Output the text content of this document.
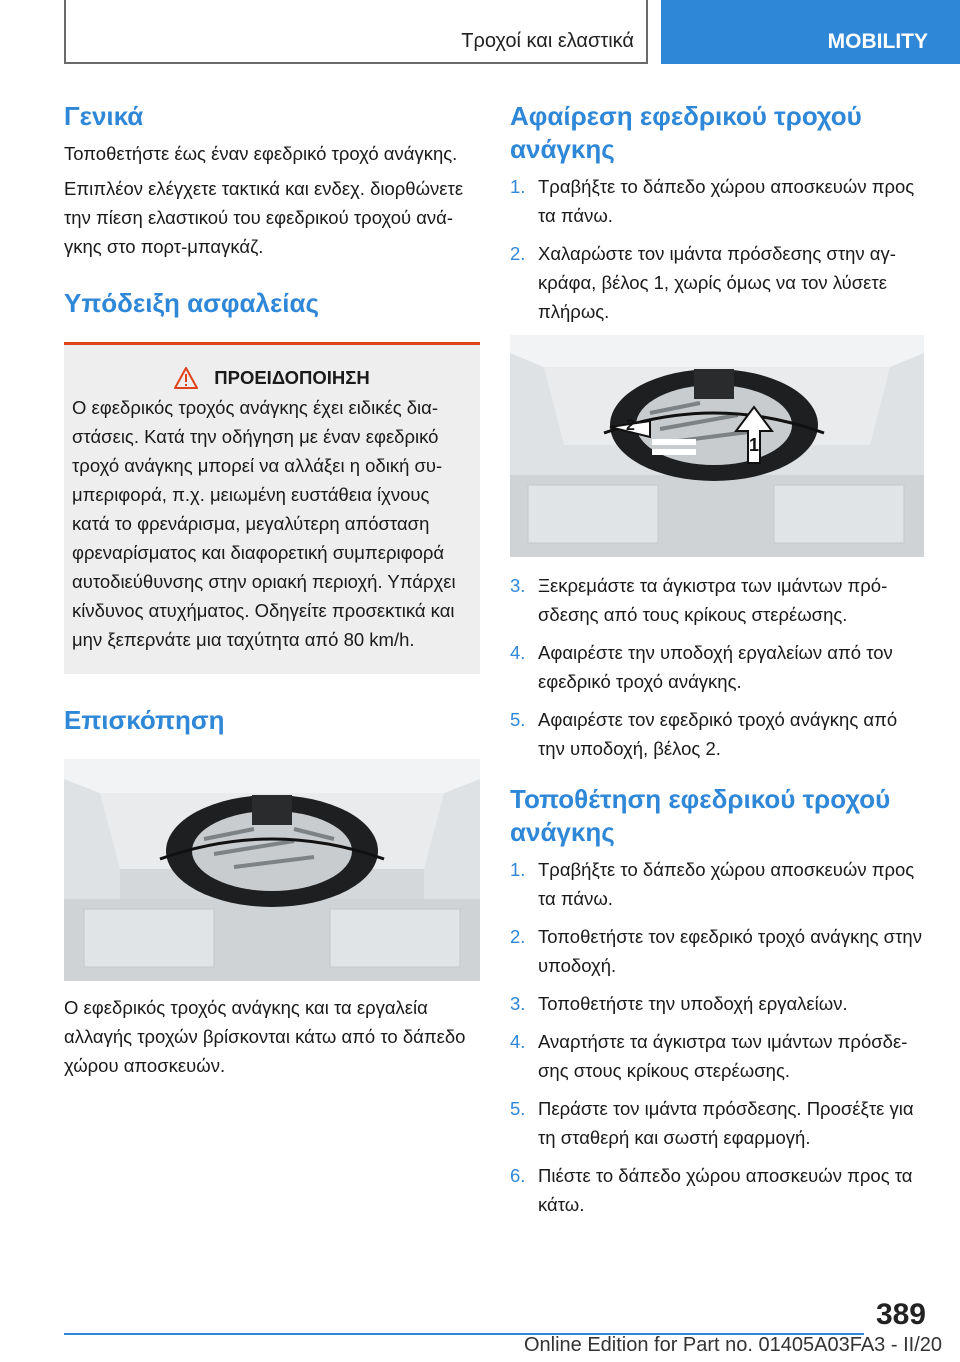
Τροχοί και ελαστικά	MOBILITY
Γενικά

Τοποθετήστε έως έναν εφεδρικό τροχό ανάγκης.

Επιπλέον ελέγχετε τακτικά και ενδεχ. διορθώνετε την πίεση ελαστικού του εφεδρικού τροχού ανάγκης στο πορτ-μπαγκάζ.

Υπόδειξη ασφαλείας
ΠΡΟΕΙΔΟΠΟΙΗΣΗ

Ο εφεδρικός τροχός ανάγκης έχει ειδικές διαστάσεις. Κατά την οδήγηση με έναν εφεδρικό τροχό ανάγκης μπορεί να αλλάξει η οδική συμπεριφορά, π.χ. μειωμένη ευστάθεια ίχνους κατά το φρενάρισμα, μεγαλύτερη απόσταση φρεναρίσματος και διαφορετική συμπεριφορά αυτοδιεύθυνσης στην οριακή περιοχή. Υπάρχει κίνδυνος ατυχήματος. Οδηγείτε προσεκτικά και μην ξεπερνάτε μια ταχύτητα από 80 km/h.

Επισκόπηση

Ο εφεδρικός τροχός ανάγκης και τα εργαλεία αλλαγής τροχών βρίσκονται κάτω από το δάπεδο χώρου αποσκευών.

Αφαίρεση εφεδρικού τροχού ανάγκης
1. Τραβήξτε το δάπεδο χώρου αποσκευών προς τα πάνω.
2. Χαλαρώστε τον ιμάντα πρόσδεσης στην αγκράφα, βέλος 1, χωρίς όμως να τον λύσετε πλήρως.
2
1
3. Ξεκρεμάστε τα άγκιστρα των ιμάντων πρόσδεσης από τους κρίκους στερέωσης.
4. Αφαιρέστε την υποδοχή εργαλείων από τον εφεδρικό τροχό ανάγκης.
5. Αφαιρέστε τον εφεδρικό τροχό ανάγκης από την υποδοχή, βέλος 2.
Τοποθέτηση εφεδρικού τροχού ανάγκης
1. Τραβήξτε το δάπεδο χώρου αποσκευών προς τα πάνω.
2. Τοποθετήστε τον εφεδρικό τροχό ανάγκης στην υποδοχή.
3. Τοποθετήστε την υποδοχή εργαλείων.
4. Αναρτήστε τα άγκιστρα των ιμάντων πρόσδεσης στους κρίκους στερέωσης.
5. Περάστε τον ιμάντα πρόσδεσης. Προσέξτε για τη σταθερή και σωστή εφαρμογή.
6. Πιέστε το δάπεδο χώρου αποσκευών προς τα κάτω.
389
Online Edition for Part no. 01405A03FA3 - II/20
